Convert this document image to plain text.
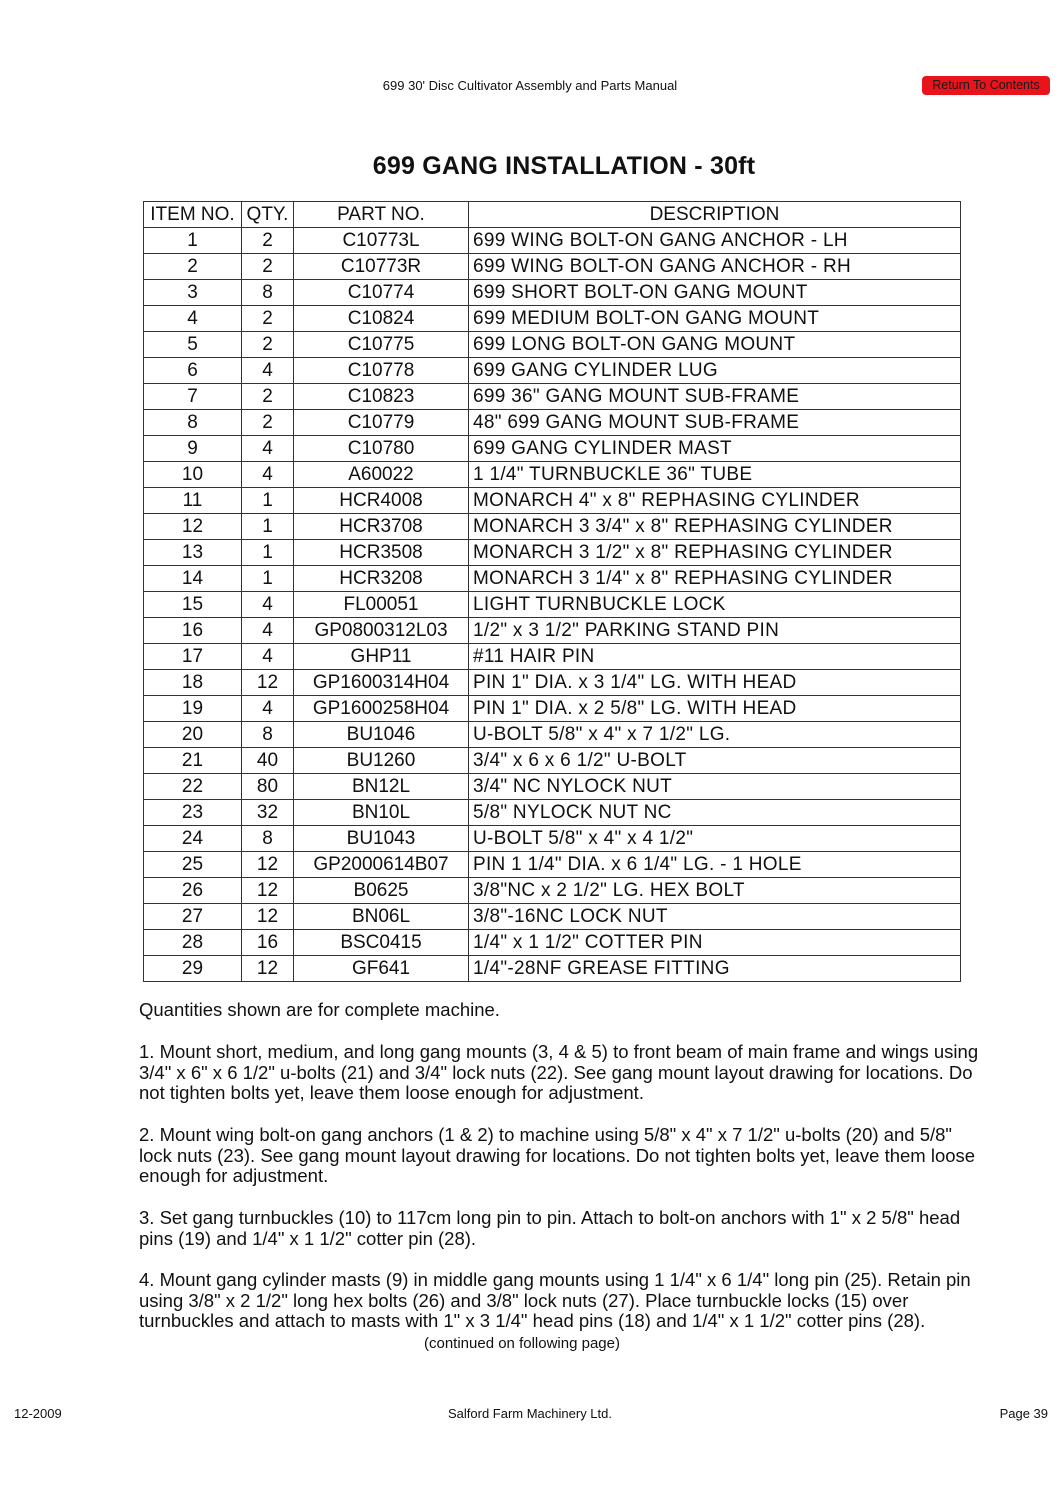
699 30' Disc Cultivator Assembly and Parts Manual	Return To Contents
699 GANG INSTALLATION - 30ft
ITEM NO.	QTY.	PART NO.	DESCRIPTION
1	2	C10773L	699 WING BOLT-ON GANG ANCHOR - LH
2	2	C10773R	699 WING BOLT-ON GANG ANCHOR - RH
3	8	C10774	699 SHORT BOLT-ON GANG MOUNT
4	2	C10824	699 MEDIUM BOLT-ON GANG MOUNT
5	2	C10775	699 LONG BOLT-ON GANG MOUNT
6	4	C10778	699 GANG CYLINDER LUG
7	2	C10823	699 36" GANG MOUNT SUB-FRAME
8	2	C10779	48" 699 GANG MOUNT SUB-FRAME
9	4	C10780	699 GANG CYLINDER MAST
10	4	A60022	1 1/4" TURNBUCKLE 36" TUBE
11	1	HCR4008	MONARCH 4" x 8" REPHASING CYLINDER
12	1	HCR3708	MONARCH 3 3/4" x 8" REPHASING CYLINDER
13	1	HCR3508	MONARCH 3 1/2" x 8" REPHASING CYLINDER
14	1	HCR3208	MONARCH 3 1/4" x 8" REPHASING CYLINDER
15	4	FL00051	LIGHT TURNBUCKLE LOCK
16	4	GP0800312L03	1/2" x 3 1/2" PARKING STAND PIN
17	4	GHP11	#11 HAIR PIN
18	12	GP1600314H04	PIN 1" DIA. x 3 1/4" LG. WITH HEAD
19	4	GP1600258H04	PIN 1" DIA. x 2 5/8" LG. WITH HEAD
20	8	BU1046	U-BOLT 5/8" x 4" x 7 1/2" LG.
21	40	BU1260	3/4" x 6 x 6 1/2" U-BOLT
22	80	BN12L	3/4" NC NYLOCK NUT
23	32	BN10L	5/8" NYLOCK NUT NC
24	8	BU1043	U-BOLT 5/8" x 4" x 4 1/2"
25	12	GP2000614B07	PIN 1 1/4" DIA. x 6 1/4" LG. - 1 HOLE
26	12	B0625	3/8"NC x 2 1/2" LG. HEX BOLT
27	12	BN06L	3/8"-16NC LOCK NUT
28	16	BSC0415	1/4" x 1 1/2" COTTER PIN
29	12	GF641	1/4"-28NF GREASE FITTING
Quantities shown are for complete machine.
1. Mount short, medium, and long gang mounts (3, 4 & 5) to front beam of main frame and wings using 3/4" x 6" x 6 1/2" u-bolts (21) and 3/4" lock nuts (22). See gang mount layout drawing for locations. Do not tighten bolts yet, leave them loose enough for adjustment.
2. Mount wing bolt-on gang anchors (1 & 2) to machine using 5/8" x 4" x 7 1/2" u-bolts (20) and 5/8" lock nuts (23). See gang mount layout drawing for locations. Do not tighten bolts yet, leave them loose enough for adjustment.
3. Set gang turnbuckles (10) to 117cm long pin to pin. Attach to bolt-on anchors with 1" x 2 5/8" head pins (19) and 1/4" x 1 1/2" cotter pin (28).
4. Mount gang cylinder masts (9) in middle gang mounts using 1 1/4" x 6 1/4" long pin (25). Retain pin using 3/8" x 2 1/2" long hex bolts (26) and 3/8" lock nuts (27). Place turnbuckle locks (15) over turnbuckles and attach to masts with 1" x 3 1/4" head pins (18) and 1/4" x 1 1/2" cotter pins (28). (continued on following page)
12-2009	Salford Farm Machinery Ltd.	Page 39
